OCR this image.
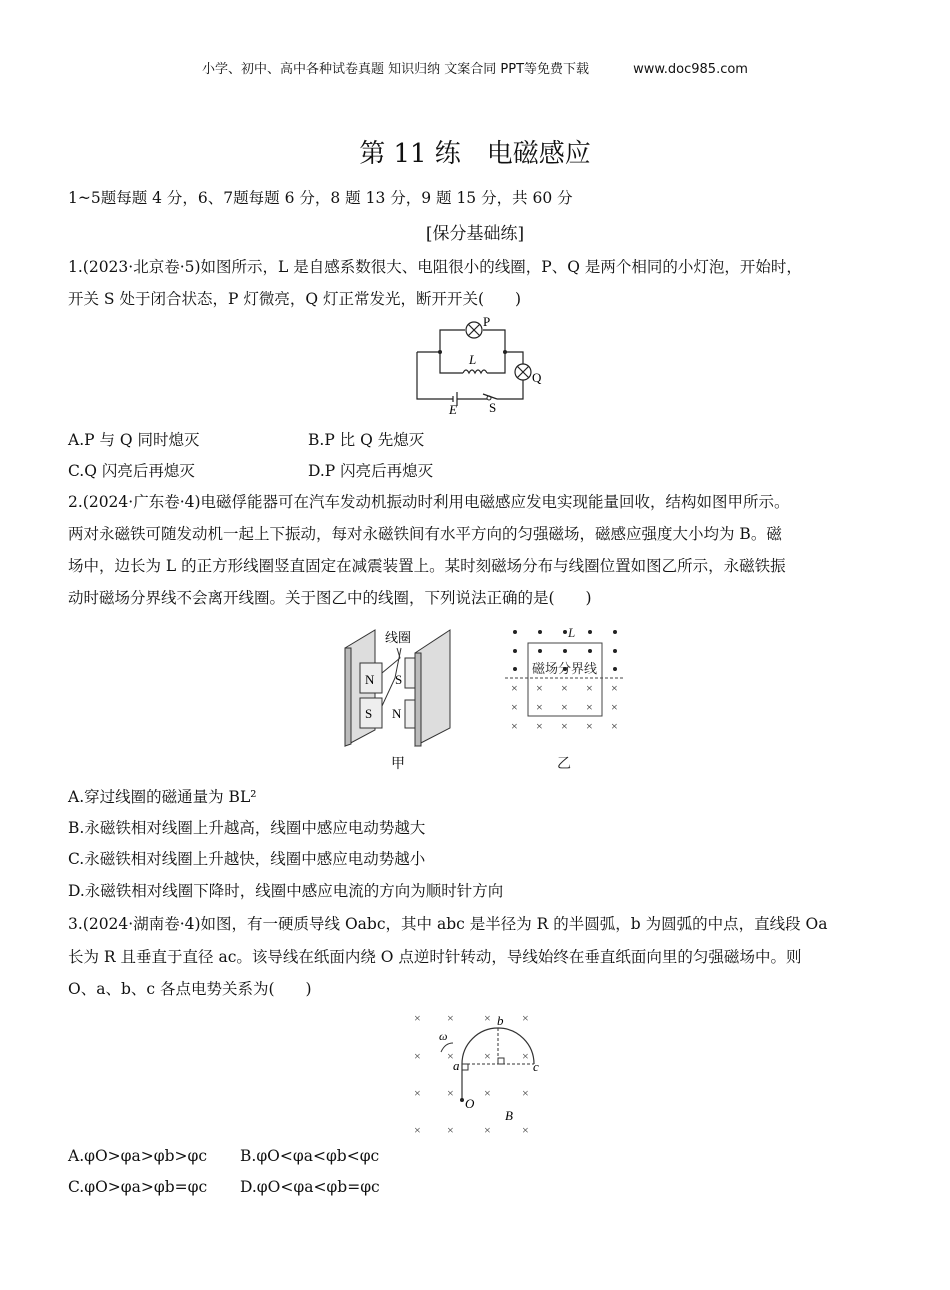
小学、初中、高中各种试卷真题 知识归纳 文案合同 PPT等免费下载	www.doc985.com
第 11 练　电磁感应
1~5题每题 4 分，6、7题每题 6 分，8 题 13 分，9 题 15 分，共 60 分
[保分基础练]
1.(2023·北京卷·5)如图所示，L 是自感系数很大、电阻很小的线圈，P、Q 是两个相同的小灯泡，开始时，
开关 S 处于闭合状态，P 灯微亮，Q 灯正常发光，断开开关(　　)
P
L
Q
E S
A.P 与 Q 同时熄灭	B.P 比 Q 先熄灭
C.Q 闪亮后再熄灭	D.P 闪亮后再熄灭
2.(2024·广东卷·4)电磁俘能器可在汽车发动机振动时利用电磁感应发电实现能量回收，结构如图甲所示。
两对永磁铁可随发动机一起上下振动，每对永磁铁间有水平方向的匀强磁场，磁感应强度大小均为 B。磁
场中，边长为 L 的正方形线圈竖直固定在减震装置上。某时刻磁场分布与线圈位置如图乙所示，永磁铁振
动时磁场分界线不会离开线圈。关于图乙中的线圈，下列说法正确的是(　　)
线圈
N S
S N
甲
× × × × ×
× × × × ×
× × × × ×
L
磁场分界线
乙
A.穿过线圈的磁通量为 BL²
B.永磁铁相对线圈上升越高，线圈中感应电动势越大
C.永磁铁相对线圈上升越快，线圈中感应电动势越小
D.永磁铁相对线圈下降时，线圈中感应电流的方向为顺时针方向
3.(2024·湖南卷·4)如图，有一硬质导线 Oabc，其中 abc 是半径为 R 的半圆弧，b 为圆弧的中点，直线段 Oa
长为 R 且垂直于直径 ac。该导线在纸面内绕 O 点逆时针转动，导线始终在垂直纸面向里的匀强磁场中。则
O、a、b、c 各点电势关系为(　　)
× ×	×	×
× ×	×	×
× ×	×	×
× ×	×	×
ω
a
b
c
O
B
A.φO>φa>φb>φc B.φO<φa<φb<φc
C.φO>φa>φb=φc D.φO<φa<φb=φc
